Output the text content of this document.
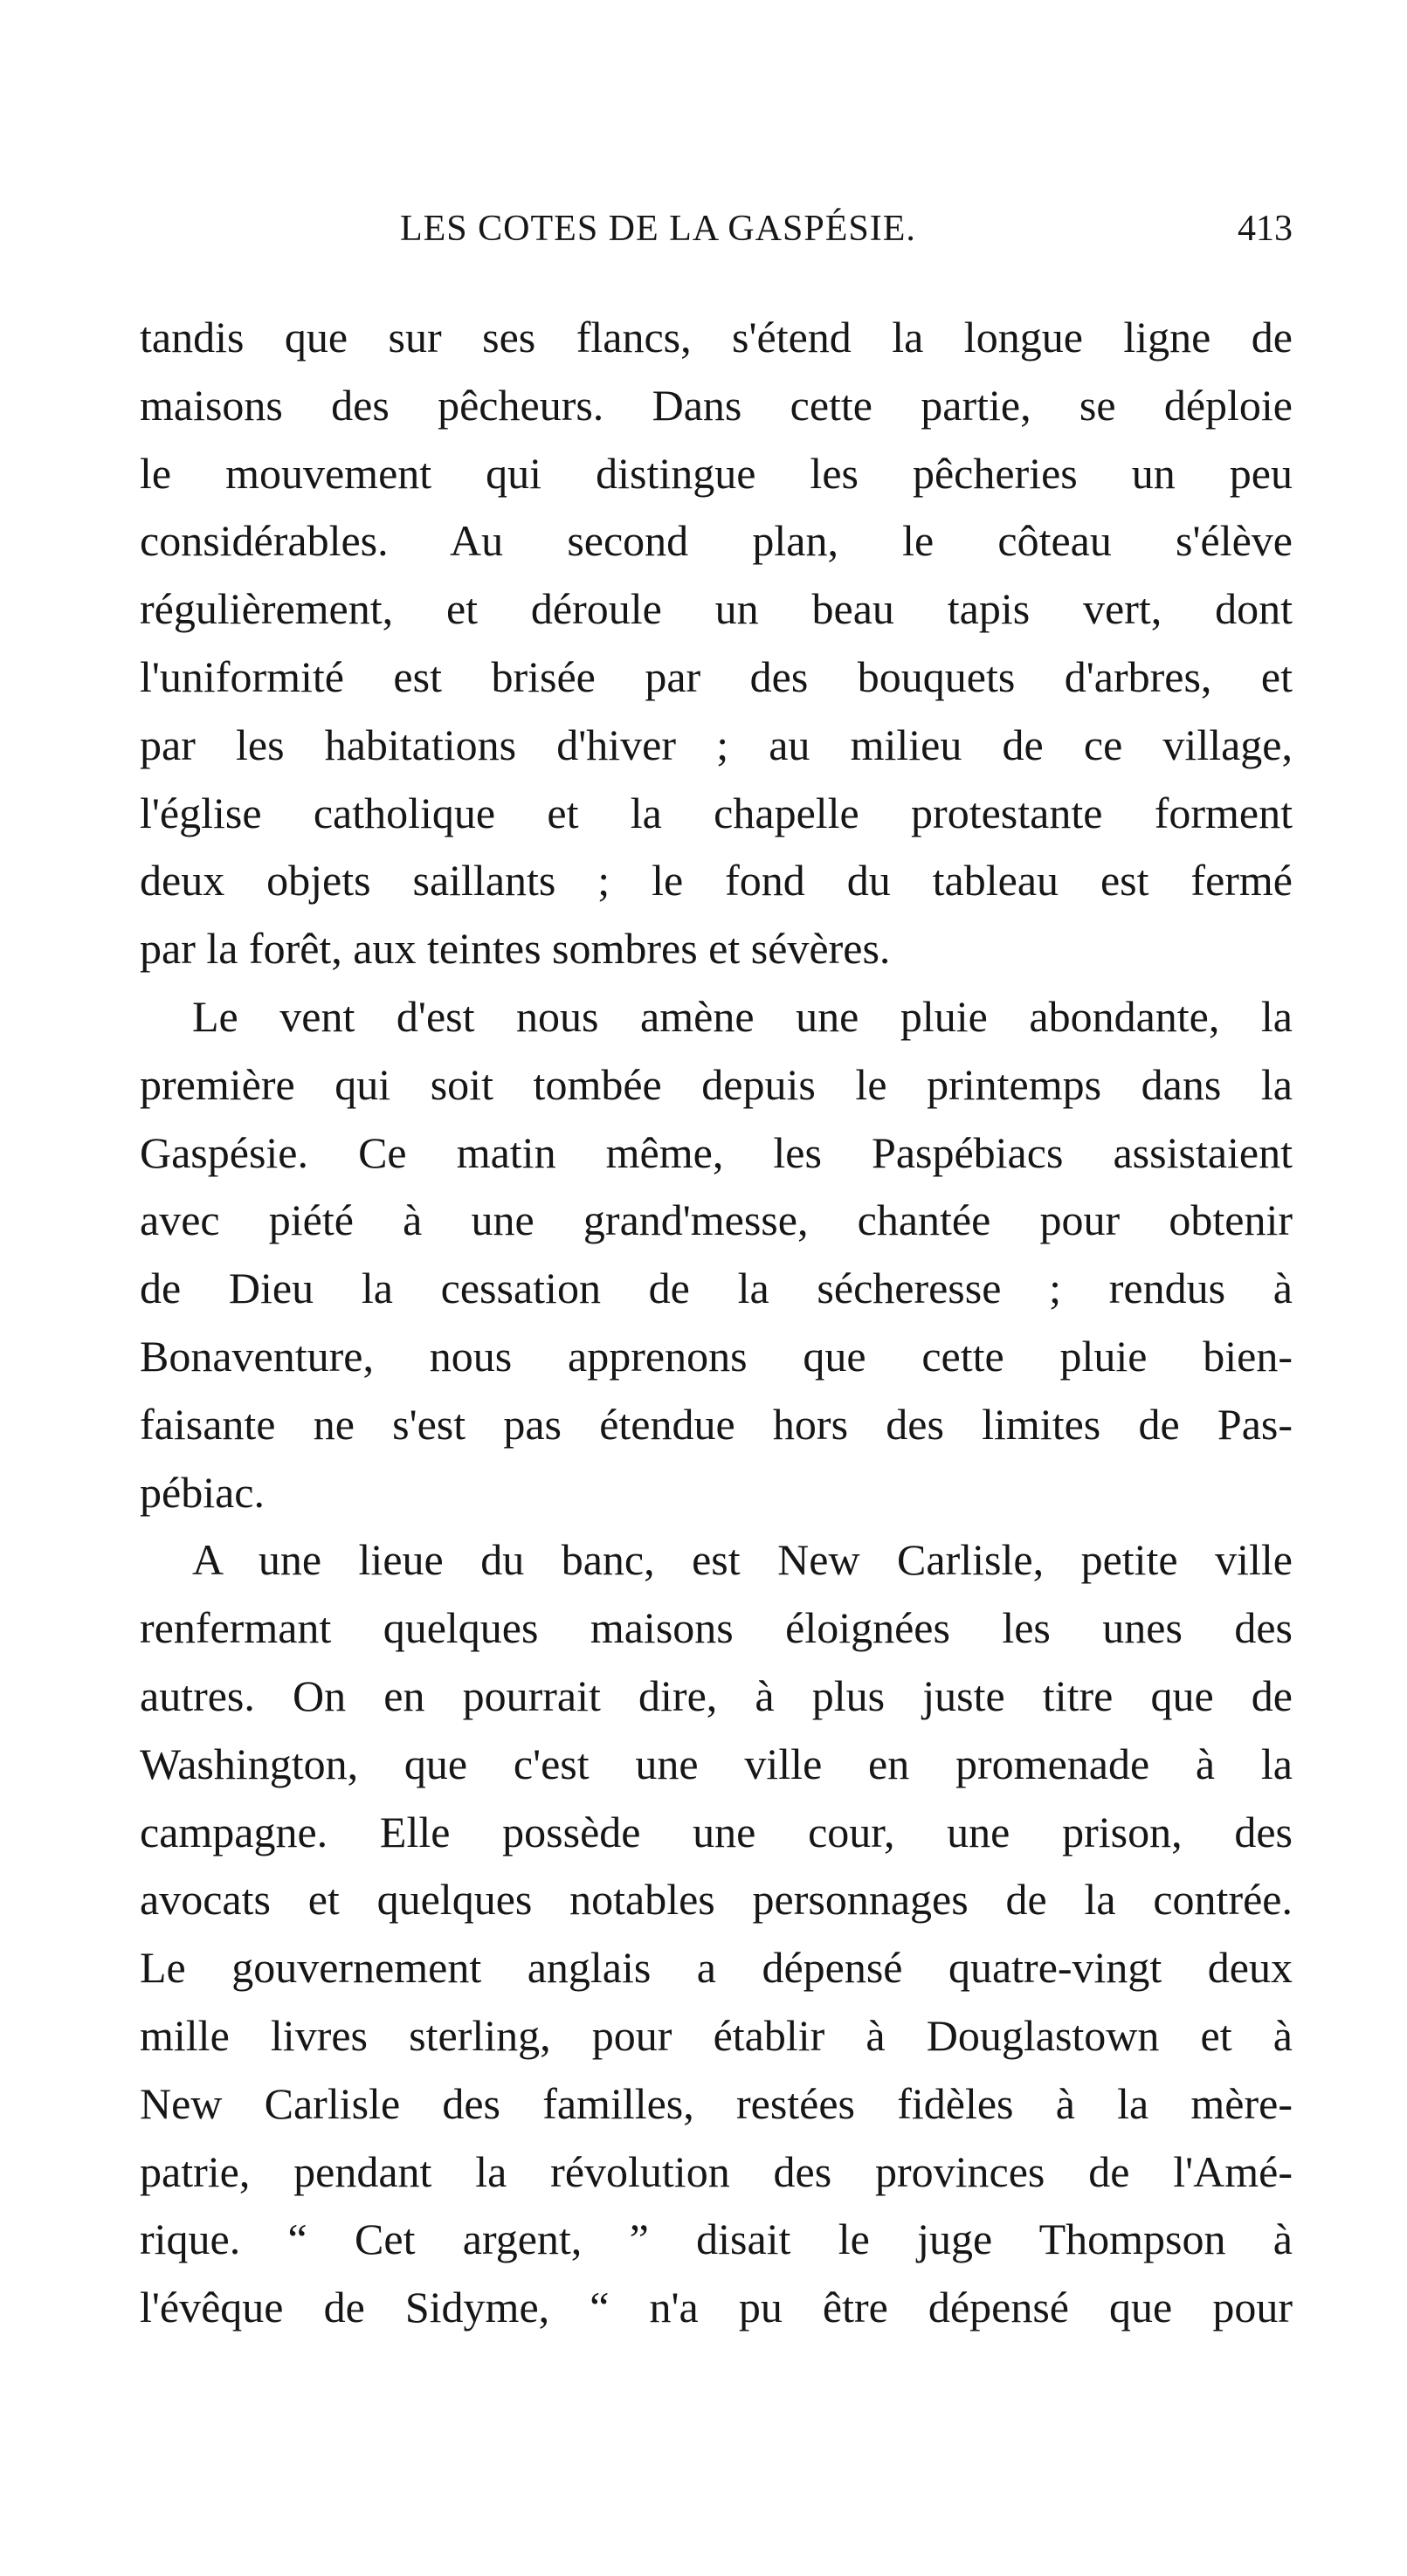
LES COTES DE LA GASPÉSIE.	413
tandis que sur ses flancs, s'étend la longue ligne de
maisons des pêcheurs. Dans cette partie, se déploie
le mouvement qui distingue les pêcheries un peu
considérables. Au second plan, le côteau s'élève
régulièrement, et déroule un beau tapis vert, dont
l'uniformité est brisée par des bouquets d'arbres, et
par les habitations d'hiver ; au milieu de ce village,
l'église catholique et la chapelle protestante forment
deux objets saillants ; le fond du tableau est fermé
par la forêt, aux teintes sombres et sévères.
Le vent d'est nous amène une pluie abondante, la
première qui soit tombée depuis le printemps dans la
Gaspésie. Ce matin même, les Paspébiacs assistaient
avec piété à une grand'messe, chantée pour obtenir
de Dieu la cessation de la sécheresse ; rendus à
Bonaventure, nous apprenons que cette pluie bien-
faisante ne s'est pas étendue hors des limites de Pas-
pébiac.
A une lieue du banc, est New Carlisle, petite ville
renfermant quelques maisons éloignées les unes des
autres. On en pourrait dire, à plus juste titre que de
Washington, que c'est une ville en promenade à la
campagne. Elle possède une cour, une prison, des
avocats et quelques notables personnages de la contrée.
Le gouvernement anglais a dépensé quatre-vingt deux
mille livres sterling, pour établir à Douglastown et à
New Carlisle des familles, restées fidèles à la mère-
patrie, pendant la révolution des provinces de l'Amé-
rique. “ Cet argent, ” disait le juge Thompson à
l'évêque de Sidyme, “ n'a pu être dépensé que pour
